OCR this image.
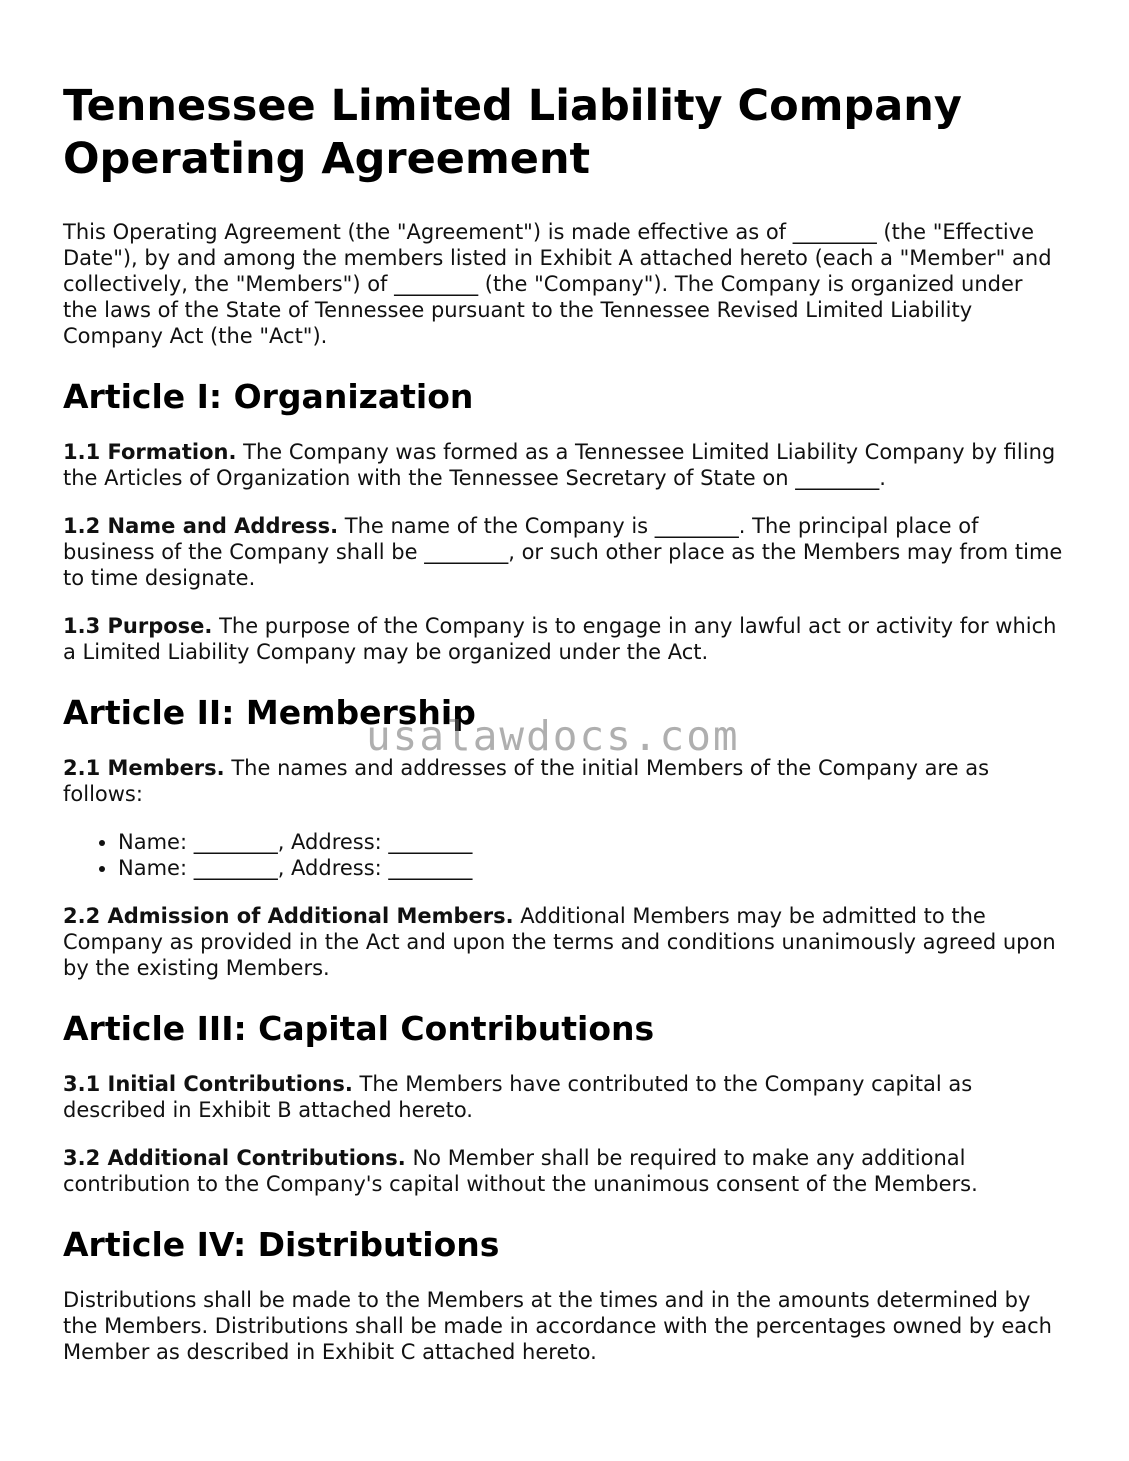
Tennessee Limited Liability Company Operating Agreement

This Operating Agreement (the "Agreement") is made effective as of ________ (the "Effective Date"), by and among the members listed in Exhibit A attached hereto (each a "Member" and collectively, the "Members") of ________ (the "Company"). The Company is organized under the laws of the State of Tennessee pursuant to the Tennessee Revised Limited Liability Company Act (the "Act").

Article I: Organization

1.1 Formation. The Company was formed as a Tennessee Limited Liability Company by filing the Articles of Organization with the Tennessee Secretary of State on ________.

1.2 Name and Address. The name of the Company is ________. The principal place of business of the Company shall be ________, or such other place as the Members may from time to time designate.

1.3 Purpose. The purpose of the Company is to engage in any lawful act or activity for which a Limited Liability Company may be organized under the Act.

Article II: Membership

2.1 Members. The names and addresses of the initial Members of the Company are as follows:

• Name: ________, Address: ________
• Name: ________, Address: ________

2.2 Admission of Additional Members. Additional Members may be admitted to the Company as provided in the Act and upon the terms and conditions unanimously agreed upon by the existing Members.

Article III: Capital Contributions

3.1 Initial Contributions. The Members have contributed to the Company capital as described in Exhibit B attached hereto.

3.2 Additional Contributions. No Member shall be required to make any additional contribution to the Company's capital without the unanimous consent of the Members.

Article IV: Distributions

Distributions shall be made to the Members at the times and in the amounts determined by the Members. Distributions shall be made in accordance with the percentages owned by each Member as described in Exhibit C attached hereto.

usalawdocs.com
